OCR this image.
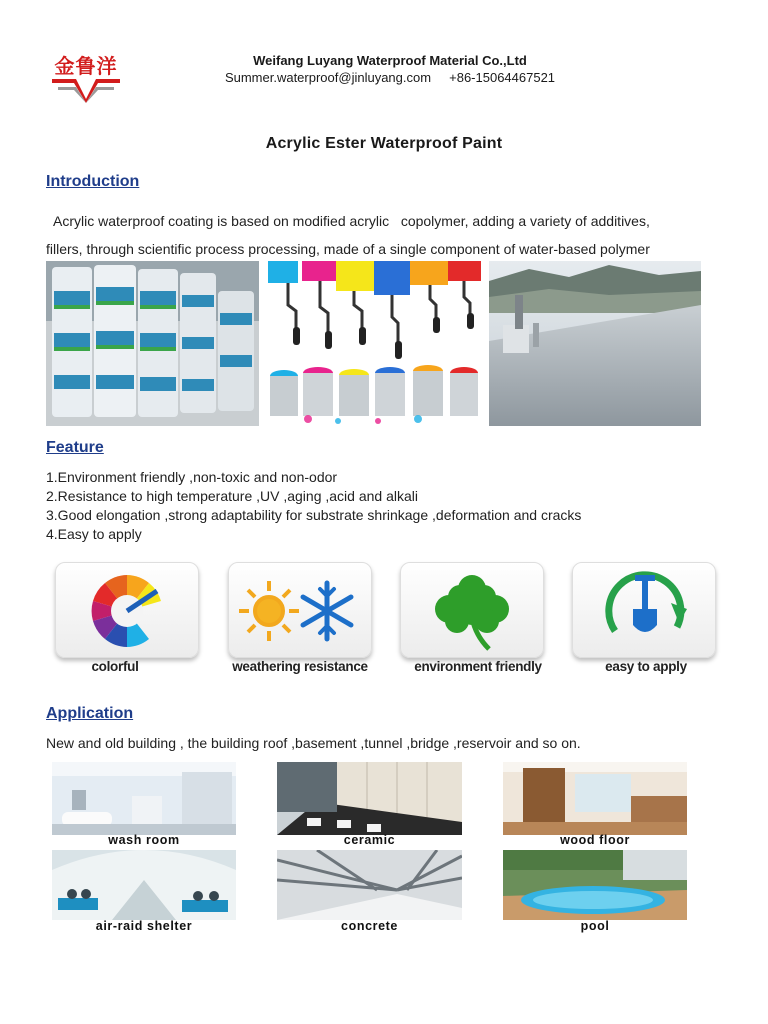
金鲁洋	Weifang Luyang Waterproof Material Co.,Ltd
Summer.waterproof@jinluyang.com +86-15064467521
Acrylic Ester Waterproof Paint
Introduction
Acrylic waterproof coating is based on modified acrylic   copolymer, adding a variety of additives,
fillers, through scientific process processing, made of a single component of water-based polymer
Feature
1.Environment friendly ,non-toxic and non-odor
2.Resistance to high temperature ,UV ,aging ,acid and alkali
3.Good elongation ,strong adaptability for substrate shrinkage ,deformation and cracks
4.Easy to apply
colorful	weathering resistance	environment friendly	easy to apply
Application
New and old building , the building roof ,basement ,tunnel ,bridge ,reservoir and so on.
wash room	ceramic	wood floor
air-raid shelter	concrete	pool
